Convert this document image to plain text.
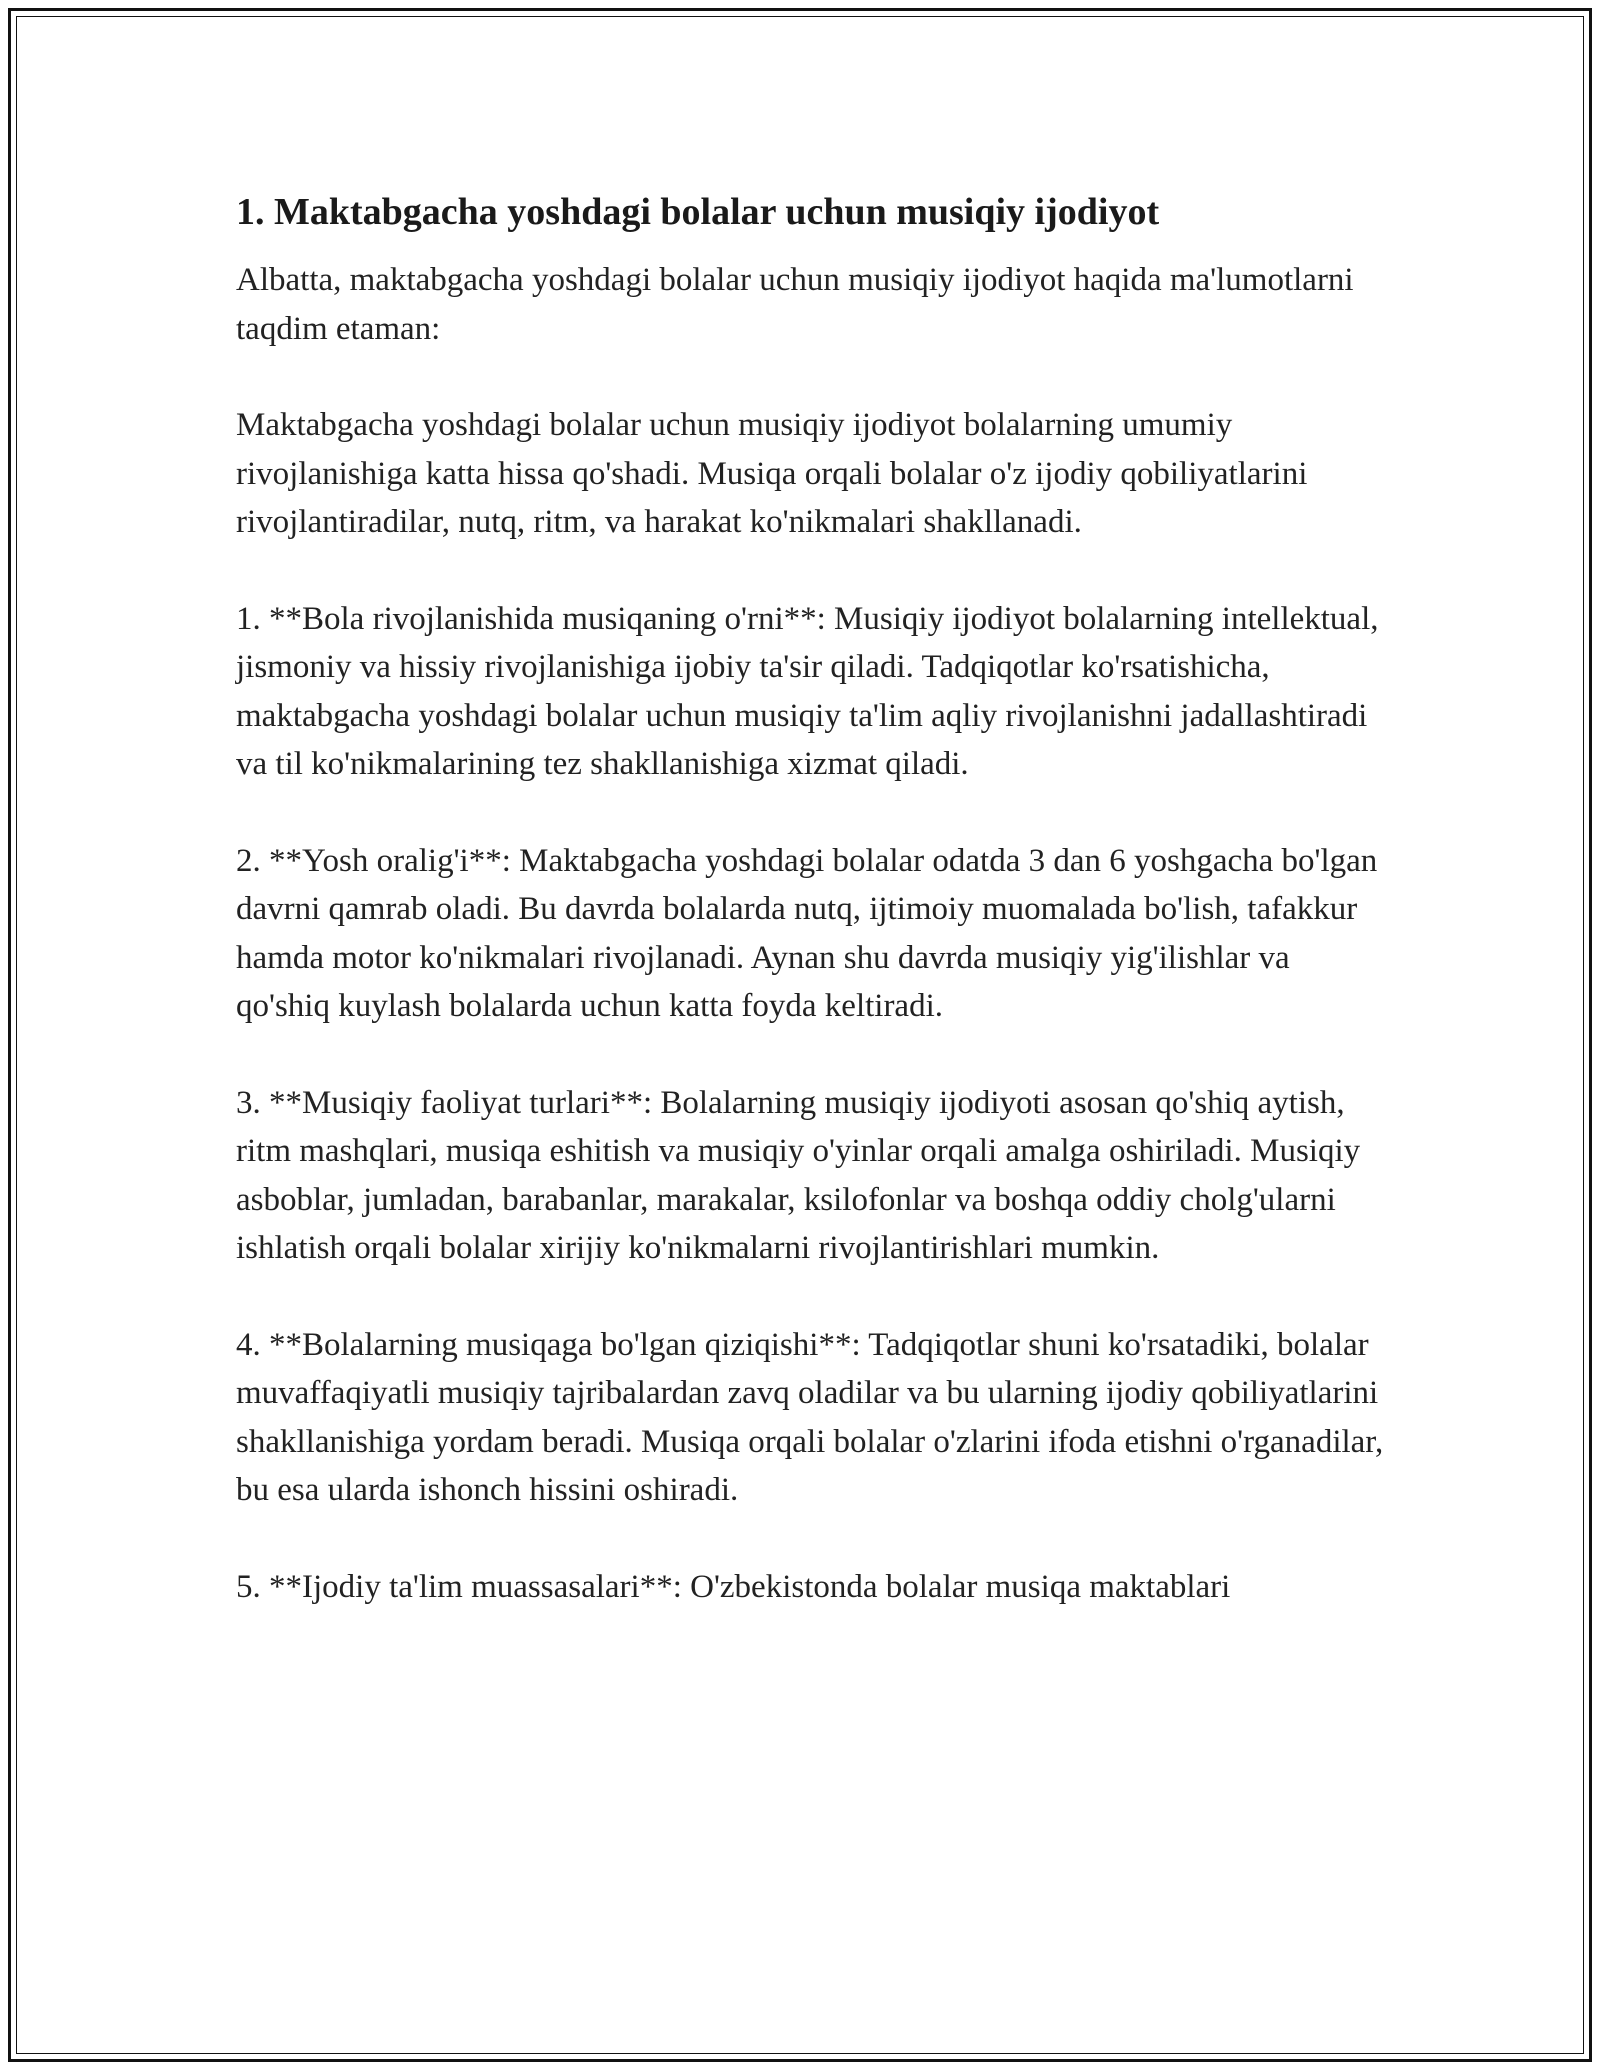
1. Maktabgacha yoshdagi bolalar uchun musiqiy ijodiyot

Albatta, maktabgacha yoshdagi bolalar uchun musiqiy ijodiyot haqida ma'lumotlarni taqdim etaman:

Maktabgacha yoshdagi bolalar uchun musiqiy ijodiyot bolalarning umumiy rivojlanishiga katta hissa qo'shadi. Musiqa orqali bolalar o'z ijodiy qobiliyatlarini rivojlantiradilar, nutq, ritm, va harakat ko'nikmalari shakllanadi.

1. **Bola rivojlanishida musiqaning o'rni**: Musiqiy ijodiyot bolalarning intellektual, jismoniy va hissiy rivojlanishiga ijobiy ta'sir qiladi. Tadqiqotlar ko'rsatishicha, maktabgacha yoshdagi bolalar uchun musiqiy ta'lim aqliy rivojlanishni jadallashtiradi va til ko'nikmalarining tez shakllanishiga xizmat qiladi.

2. **Yosh oralig'i**: Maktabgacha yoshdagi bolalar odatda 3 dan 6 yoshgacha bo'lgan davrni qamrab oladi. Bu davrda bolalarda nutq, ijtimoiy muomalada bo'lish, tafakkur hamda motor ko'nikmalari rivojlanadi. Aynan shu davrda musiqiy yig'ilishlar va qo'shiq kuylash bolalarda uchun katta foyda keltiradi.

3. **Musiqiy faoliyat turlari**: Bolalarning musiqiy ijodiyoti asosan qo'shiq aytish, ritm mashqlari, musiqa eshitish va musiqiy o'yinlar orqali amalga oshiriladi. Musiqiy asboblar, jumladan, barabanlar, marakalar, ksilofonlar va boshqa oddiy cholg'ularni ishlatish orqali bolalar xirijiy ko'nikmalarni rivojlantirishlari mumkin.

4. **Bolalarning musiqaga bo'lgan qiziqishi**: Tadqiqotlar shuni ko'rsatadiki, bolalar muvaffaqiyatli musiqiy tajribalardan zavq oladilar va bu ularning ijodiy qobiliyatlarini shakllanishiga yordam beradi. Musiqa orqali bolalar o'zlarini ifoda etishni o'rganadilar, bu esa ularda ishonch hissini oshiradi.

5. **Ijodiy ta'lim muassasalari**: O'zbekistonda bolalar musiqa maktablari
